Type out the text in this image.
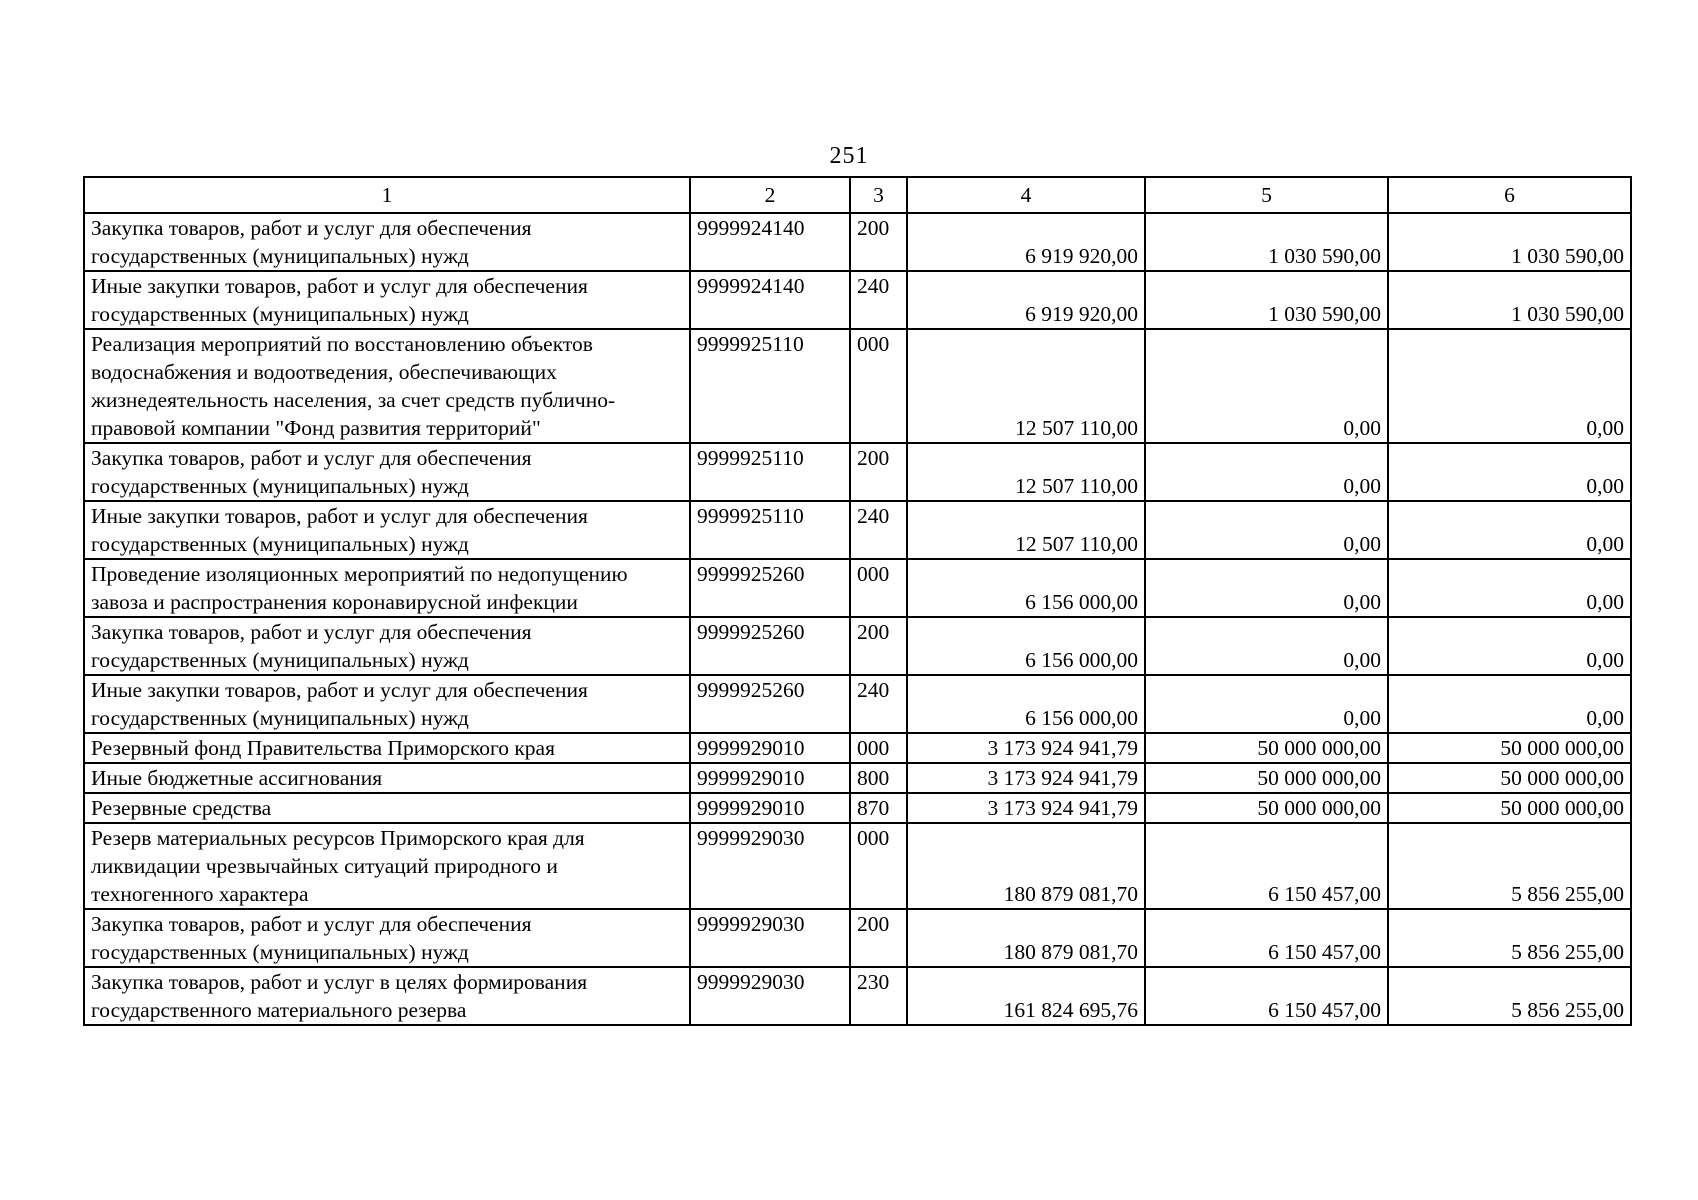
251
1	2	3	4	5	6
Закупка товаров, работ и услуг для обеспечения государственных (муниципальных) нужд	9999924140	200	6 919 920,00	1 030 590,00	1 030 590,00
Иные закупки товаров, работ и услуг для обеспечения государственных (муниципальных) нужд	9999924140	240	6 919 920,00	1 030 590,00	1 030 590,00
Реализация мероприятий по восстановлению объектов водоснабжения и водоотведения, обеспечивающих жизнедеятельность населения, за счет средств публично-правовой компании "Фонд развития территорий"	9999925110	000	12 507 110,00	0,00	0,00
Закупка товаров, работ и услуг для обеспечения государственных (муниципальных) нужд	9999925110	200	12 507 110,00	0,00	0,00
Иные закупки товаров, работ и услуг для обеспечения государственных (муниципальных) нужд	9999925110	240	12 507 110,00	0,00	0,00
Проведение изоляционных мероприятий по недопущению завоза и распространения коронавирусной инфекции	9999925260	000	6 156 000,00	0,00	0,00
Закупка товаров, работ и услуг для обеспечения государственных (муниципальных) нужд	9999925260	200	6 156 000,00	0,00	0,00
Иные закупки товаров, работ и услуг для обеспечения государственных (муниципальных) нужд	9999925260	240	6 156 000,00	0,00	0,00
Резервный фонд Правительства Приморского края	9999929010	000	3 173 924 941,79	50 000 000,00	50 000 000,00
Иные бюджетные ассигнования	9999929010	800	3 173 924 941,79	50 000 000,00	50 000 000,00
Резервные средства	9999929010	870	3 173 924 941,79	50 000 000,00	50 000 000,00
Резерв материальных ресурсов Приморского края для ликвидации чрезвычайных ситуаций природного и техногенного характера	9999929030	000	180 879 081,70	6 150 457,00	5 856 255,00
Закупка товаров, работ и услуг для обеспечения государственных (муниципальных) нужд	9999929030	200	180 879 081,70	6 150 457,00	5 856 255,00
Закупка товаров, работ и услуг в целях формирования государственного материального резерва	9999929030	230	161 824 695,76	6 150 457,00	5 856 255,00
